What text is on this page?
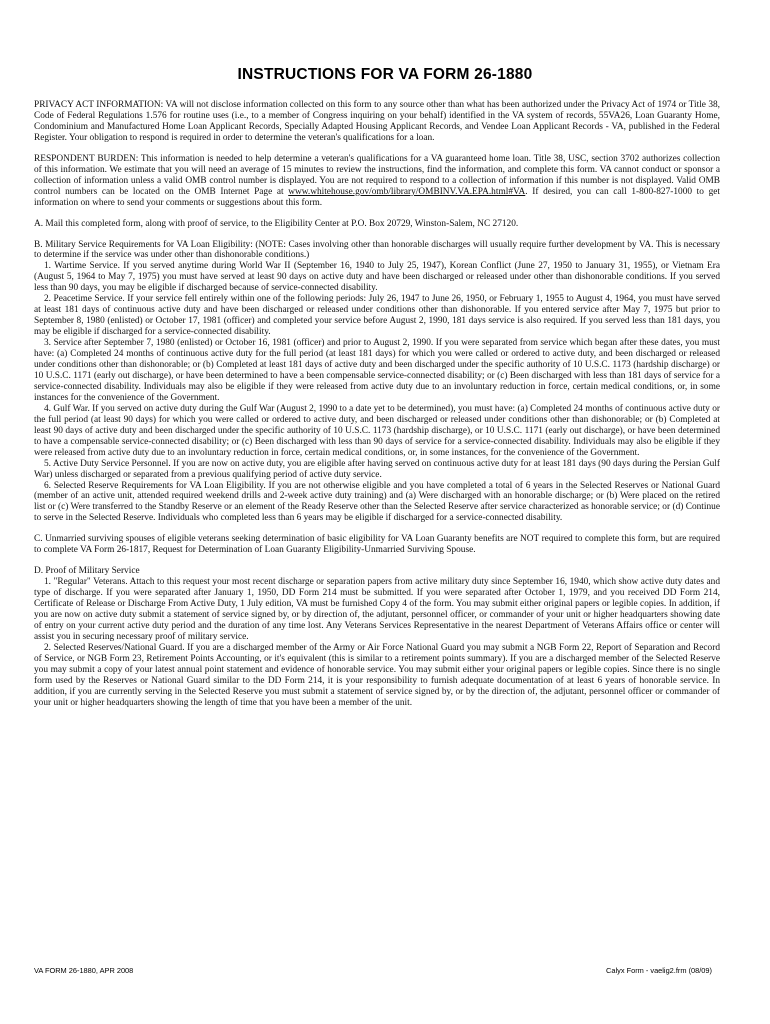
INSTRUCTIONS FOR VA FORM 26-1880

PRIVACY ACT INFORMATION: VA will not disclose information collected on this form to any source other than what has been authorized under the Privacy Act of 1974 or Title 38, Code of Federal Regulations 1.576 for routine uses (i.e., to a member of Congress inquiring on your behalf) identified in the VA system of records, 55VA26, Loan Guaranty Home, Condominium and Manufactured Home Loan Applicant Records, Specially Adapted Housing Applicant Records, and Vendee Loan Applicant Records - VA, published in the Federal Register. Your obligation to respond is required in order to determine the veteran's qualifications for a loan.

RESPONDENT BURDEN: This information is needed to help determine a veteran's qualifications for a VA guaranteed home loan. Title 38, USC, section 3702 authorizes collection of this information. We estimate that you will need an average of 15 minutes to review the instructions, find the information, and complete this form. VA cannot conduct or sponsor a collection of information unless a valid OMB control number is displayed. You are not required to respond to a collection of information if this number is not displayed. Valid OMB control numbers can be located on the OMB Internet Page at www.whitehouse.gov/omb/library/OMBINV.VA.EPA.html#VA. If desired, you can call 1-800-827-1000 to get information on where to send your comments or suggestions about this form.

A. Mail this completed form, along with proof of service, to the Eligibility Center at P.O. Box 20729, Winston-Salem, NC 27120.

B. Military Service Requirements for VA Loan Eligibility: (NOTE: Cases involving other than honorable discharges will usually require further development by VA. This is necessary to determine if the service was under other than dishonorable conditions.)

1. Wartime Service. If you served anytime during World War II (September 16, 1940 to July 25, 1947), Korean Conflict (June 27, 1950 to January 31, 1955), or Vietnam Era (August 5, 1964 to May 7, 1975) you must have served at least 90 days on active duty and have been discharged or released under other than dishonorable conditions. If you served less than 90 days, you may be eligible if discharged because of service-connected disability.

2. Peacetime Service. If your service fell entirely within one of the following periods: July 26, 1947 to June 26, 1950, or February 1, 1955 to August 4, 1964, you must have served at least 181 days of continuous active duty and have been discharged or released under conditions other than dishonorable. If you entered service after May 7, 1975 but prior to September 8, 1980 (enlisted) or October 17, 1981 (officer) and completed your service before August 2, 1990, 181 days service is also required. If you served less than 181 days, you may be eligible if discharged for a service-connected disability.

3. Service after September 7, 1980 (enlisted) or October 16, 1981 (officer) and prior to August 2, 1990. If you were separated from service which began after these dates, you must have: (a) Completed 24 months of continuous active duty for the full period (at least 181 days) for which you were called or ordered to active duty, and been discharged or released under conditions other than dishonorable; or (b) Completed at least 181 days of active duty and been discharged under the specific authority of 10 U.S.C. 1173 (hardship discharge) or 10 U.S.C. 1171 (early out discharge), or have been determined to have a been compensable service-connected disability; or (c) Been discharged with less than 181 days of service for a service-connected disability. Individuals may also be eligible if they were released from active duty due to an involuntary reduction in force, certain medical conditions, or, in some instances for the convenience of the Government.

4. Gulf War. If you served on active duty during the Gulf War (August 2, 1990 to a date yet to be determined), you must have: (a) Completed 24 months of continuous active duty or the full period (at least 90 days) for which you were called or ordered to active duty, and been discharged or released under conditions other than dishonorable; or (b) Completed at least 90 days of active duty and been discharged under the specific authority of 10 U.S.C. 1173 (hardship discharge), or 10 U.S.C. 1171 (early out discharge), or have been determined to have a compensable service-connected disability; or (c) Been discharged with less than 90 days of service for a service-connected disability. Individuals may also be eligible if they were released from active duty due to an involuntary reduction in force, certain medical conditions, or, in some instances, for the convenience of the Government.

5. Active Duty Service Personnel. If you are now on active duty, you are eligible after having served on continuous active duty for at least 181 days (90 days during the Persian Gulf War) unless discharged or separated from a previous qualifying period of active duty service.

6. Selected Reserve Requirements for VA Loan Eligibility. If you are not otherwise eligible and you have completed a total of 6 years in the Selected Reserves or National Guard (member of an active unit, attended required weekend drills and 2-week active duty training) and (a) Were discharged with an honorable discharge; or (b) Were placed on the retired list or (c) Were transferred to the Standby Reserve or an element of the Ready Reserve other than the Selected Reserve after service characterized as honorable service; or (d) Continue to serve in the Selected Reserve. Individuals who completed less than 6 years may be eligible if discharged for a service-connected disability.

C. Unmarried surviving spouses of eligible veterans seeking determination of basic eligibility for VA Loan Guaranty benefits are NOT required to complete this form, but are required to complete VA Form 26-1817, Request for Determination of Loan Guaranty Eligibility-Unmarried Surviving Spouse.

D. Proof of Military Service

1. "Regular" Veterans. Attach to this request your most recent discharge or separation papers from active military duty since September 16, 1940, which show active duty dates and type of discharge. If you were separated after January 1, 1950, DD Form 214 must be submitted. If you were separated after October 1, 1979, and you received DD Form 214, Certificate of Release or Discharge From Active Duty, 1 July edition, VA must be furnished Copy 4 of the form. You may submit either original papers or legible copies. In addition, if you are now on active duty submit a statement of service signed by, or by direction of, the adjutant, personnel officer, or commander of your unit or higher headquarters showing date of entry on your current active duty period and the duration of any time lost. Any Veterans Services Representative in the nearest Department of Veterans Affairs office or center will assist you in securing necessary proof of military service.

2. Selected Reserves/National Guard. If you are a discharged member of the Army or Air Force National Guard you may submit a NGB Form 22, Report of Separation and Record of Service, or NGB Form 23, Retirement Points Accounting, or it's equivalent (this is similar to a retirement points summary). If you are a discharged member of the Selected Reserve you may submit a copy of your latest annual point statement and evidence of honorable service. You may submit either your original papers or legible copies. Since there is no single form used by the Reserves or National Guard similar to the DD Form 214, it is your responsibility to furnish adequate documentation of at least 6 years of honorable service. In addition, if you are currently serving in the Selected Reserve you must submit a statement of service signed by, or by the direction of, the adjutant, personnel officer or commander of your unit or higher headquarters showing the length of time that you have been a member of the unit.

VA FORM 26-1880, APR 2008	Calyx Form - vaelig2.frm (08/09)
